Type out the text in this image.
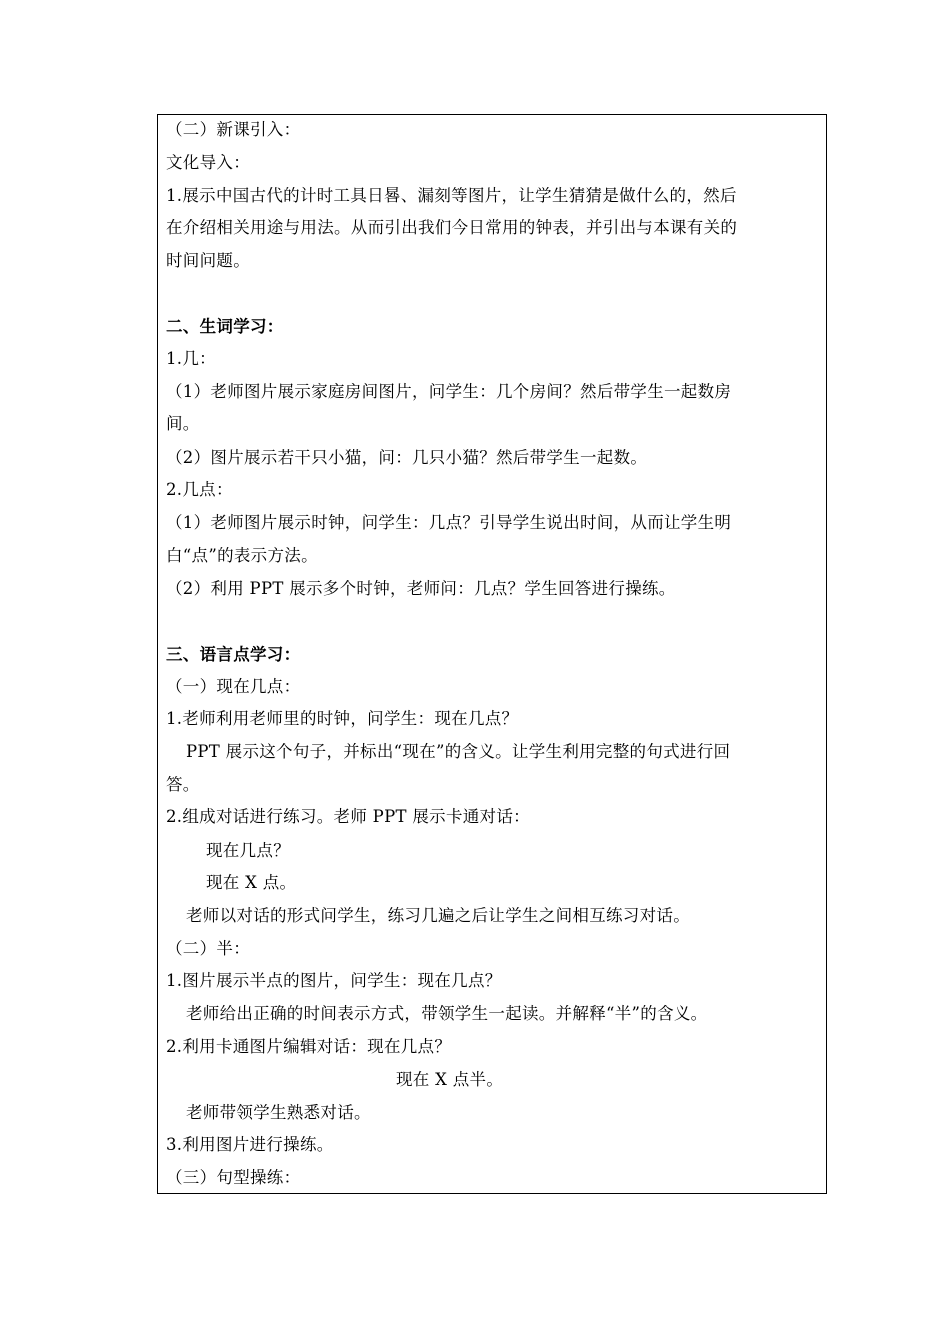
（二）新课引入：
文化导入：
1.展示中国古代的计时工具日晷、漏刻等图片，让学生猜猜是做什么的，然后
在介绍相关用途与用法。从而引出我们今日常用的钟表，并引出与本课有关的
时间问题。
二、生词学习：
1.几：
（1）老师图片展示家庭房间图片，问学生：几个房间？然后带学生一起数房
间。
（2）图片展示若干只小猫，问：几只小猫？然后带学生一起数。
2.几点：
（1）老师图片展示时钟，问学生：几点？引导学生说出时间，从而让学生明
白“点”的表示方法。
（2）利用 PPT 展示多个时钟，老师问：几点？学生回答进行操练。
三、语言点学习：
（一）现在几点：
1.老师利用老师里的时钟，问学生：现在几点？
PPT 展示这个句子，并标出“现在”的含义。让学生利用完整的句式进行回
答。
2.组成对话进行练习。老师 PPT 展示卡通对话：
现在几点？
现在 X 点。
老师以对话的形式问学生，练习几遍之后让学生之间相互练习对话。
（二）半：
1.图片展示半点的图片，问学生：现在几点？
老师给出正确的时间表示方式，带领学生一起读。并解释“半”的含义。
2.利用卡通图片编辑对话：现在几点？
现在 X 点半。
老师带领学生熟悉对话。
3.利用图片进行操练。
（三）句型操练：
